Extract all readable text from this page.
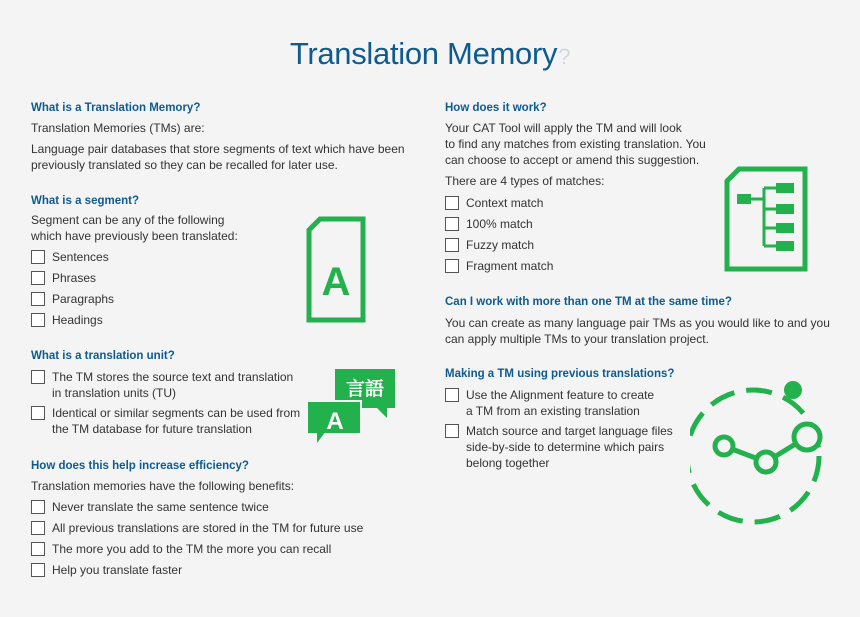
Translation Memory?
What is a Translation Memory?

Translation Memories (TMs) are:

Language pair databases that store segments of text which have been previously translated so they can be recalled for later use.

What is a segment?

Segment can be any of the following
which have previously been translated:

Sentences
Phrases
Paragraphs
Headings
What is a translation unit?
The TM stores the source text and translation
in translation units (TU)
Identical or similar segments can be used from
the TM database for future translation
How does this help increase efficiency?

Translation memories have the following benefits:

Never translate the same sentence twice
All previous translations are stored in the TM for future use
The more you add to the TM the more you can recall
Help you translate faster
How does it work?

Your CAT Tool will apply the TM and will look
to find any matches from existing translation. You
can choose to accept or amend this suggestion.

There are 4 types of matches:

Context match
100% match
Fuzzy match
Fragment match
Can I work with more than one TM at the same time?

You can create as many language pair TMs as you would like to and you can apply multiple TMs to your translation project.

Making a TM using previous translations?
Use the Alignment feature to create
a TM from an existing translation
Match source and target language files
side-by-side to determine which pairs
belong together
A
言語
A
